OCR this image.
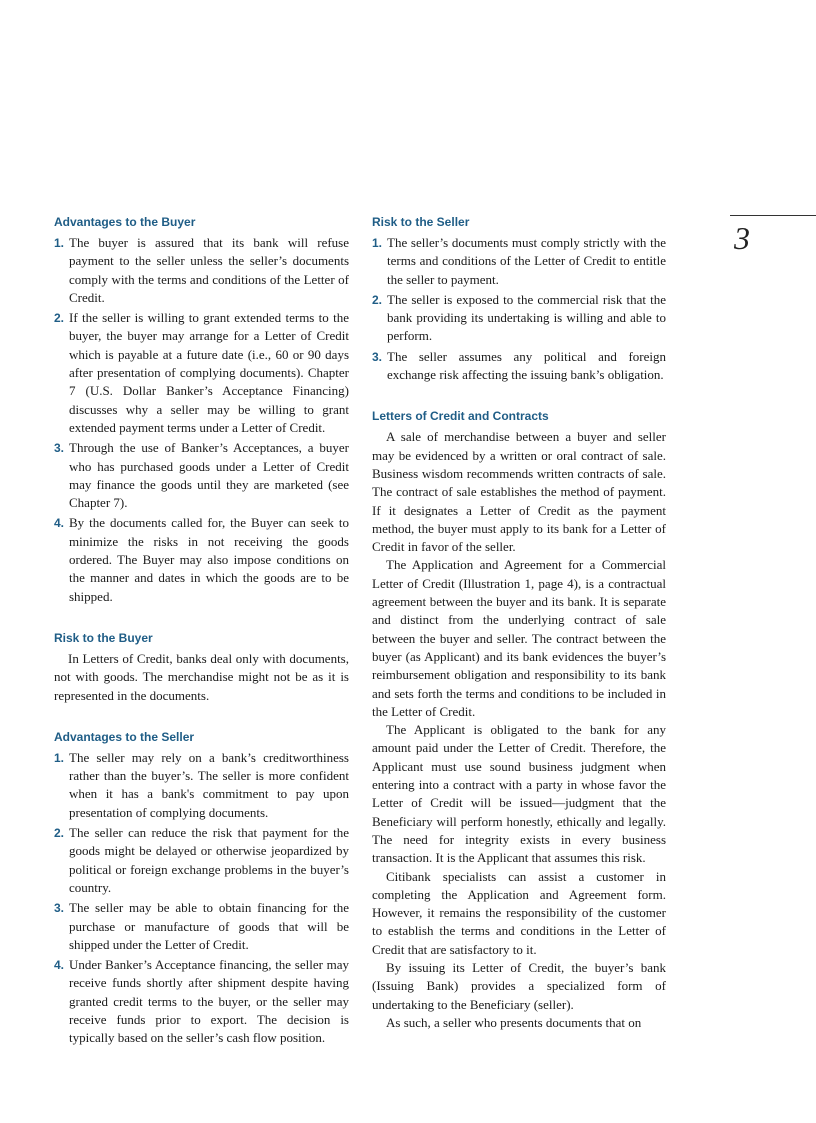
3
Advantages to the Buyer
1. The buyer is assured that its bank will refuse payment to the seller unless the seller’s documents comply with the terms and conditions of the Letter of Credit.
2. If the seller is willing to grant extended terms to the buyer, the buyer may arrange for a Letter of Credit which is payable at a future date (i.e., 60 or 90 days after presentation of complying documents). Chapter 7 (U.S. Dollar Banker’s Acceptance Financing) discusses why a seller may be willing to grant extended payment terms under a Letter of Credit.
3. Through the use of Banker’s Acceptances, a buyer who has purchased goods under a Letter of Credit may finance the goods until they are marketed (see Chapter 7).
4. By the documents called for, the Buyer can seek to minimize the risks in not receiving the goods ordered. The Buyer may also impose conditions on the manner and dates in which the goods are to be shipped.
Risk to the Buyer

In Letters of Credit, banks deal only with documents, not with goods. The merchandise might not be as it is represented in the documents.

Advantages to the Seller
1. The seller may rely on a bank’s creditworthiness rather than the buyer’s. The seller is more confident when it has a bank's commitment to pay upon presentation of complying documents.
2. The seller can reduce the risk that payment for the goods might be delayed or otherwise jeopardized by political or foreign exchange problems in the buyer’s country.
3. The seller may be able to obtain financing for the purchase or manufacture of goods that will be shipped under the Letter of Credit.
4. Under Banker’s Acceptance financing, the seller may receive funds shortly after shipment despite having granted credit terms to the buyer, or the seller may receive funds prior to export. The decision is typically based on the seller’s cash flow position.
Risk to the Seller
1. The seller’s documents must comply strictly with the terms and conditions of the Letter of Credit to entitle the seller to payment.
2. The seller is exposed to the commercial risk that the bank providing its undertaking is willing and able to perform.
3. The seller assumes any political and foreign exchange risk affecting the issuing bank’s obligation.
Letters of Credit and Contracts

A sale of merchandise between a buyer and seller may be evidenced by a written or oral contract of sale. Business wisdom recommends written contracts of sale. The contract of sale establishes the method of payment. If it designates a Letter of Credit as the payment method, the buyer must apply to its bank for a Letter of Credit in favor of the seller.

The Application and Agreement for a Commercial Letter of Credit (Illustration 1, page 4), is a contractual agreement between the buyer and its bank. It is separate and distinct from the underlying contract of sale between the buyer and seller. The contract between the buyer (as Applicant) and its bank evidences the buyer’s reimbursement obligation and responsibility to its bank and sets forth the terms and conditions to be included in the Letter of Credit.

The Applicant is obligated to the bank for any amount paid under the Letter of Credit. Therefore, the Applicant must use sound business judgment when entering into a contract with a party in whose favor the Letter of Credit will be issued—judgment that the Beneficiary will perform honestly, ethically and legally. The need for integrity exists in every business transaction. It is the Applicant that assumes this risk.

Citibank specialists can assist a customer in completing the Application and Agreement form. However, it remains the responsibility of the customer to establish the terms and conditions in the Letter of Credit that are satisfactory to it.

By issuing its Letter of Credit, the buyer’s bank (Issuing Bank) provides a specialized form of undertaking to the Beneficiary (seller).

As such, a seller who presents documents that on
